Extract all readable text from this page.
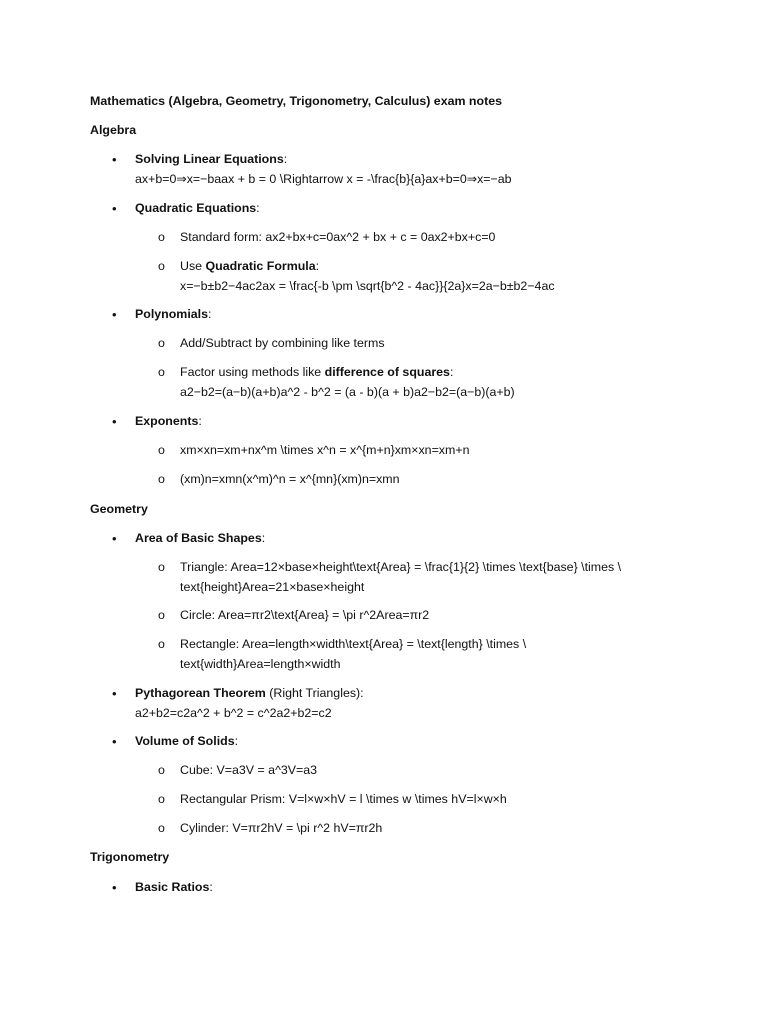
Mathematics (Algebra, Geometry, Trigonometry, Calculus) exam notes
Algebra
• Solving Linear Equations:
ax+b=0⇒x=−baax + b = 0 \Rightarrow x = -\frac{b}{a}ax+b=0⇒x=−ab
• Quadratic Equations:
o Standard form: ax2+bx+c=0ax^2 + bx + c = 0ax2+bx+c=0
o Use Quadratic Formula:
x=−b±b2−4ac2ax = \frac{-b \pm \sqrt{b^2 - 4ac}}{2a}x=2a−b±b2−4ac
• Polynomials:
o Add/Subtract by combining like terms
o Factor using methods like difference of squares:
a2−b2=(a−b)(a+b)a^2 - b^2 = (a - b)(a + b)a2−b2=(a−b)(a+b)
• Exponents:
o xm×xn=xm+nx^m \times x^n = x^{m+n}xm×xn=xm+n
o (xm)n=xmn(x^m)^n = x^{mn}(xm)n=xmn
Geometry
• Area of Basic Shapes:
o Triangle: Area=12×base×height\text{Area} = \frac{1}{2} \times \text{base} \times \ text{height}Area=21×base×height
o Circle: Area=πr2\text{Area} = \pi r^2Area=πr2
o Rectangle: Area=length×width\text{Area} = \text{length} \times \ text{width}Area=length×width
• Pythagorean Theorem (Right Triangles):
a2+b2=c2a^2 + b^2 = c^2a2+b2=c2
• Volume of Solids:
o Cube: V=a3V = a^3V=a3
o Rectangular Prism: V=l×w×hV = l \times w \times hV=l×w×h
o Cylinder: V=πr2hV = \pi r^2 hV=πr2h
Trigonometry
• Basic Ratios:
